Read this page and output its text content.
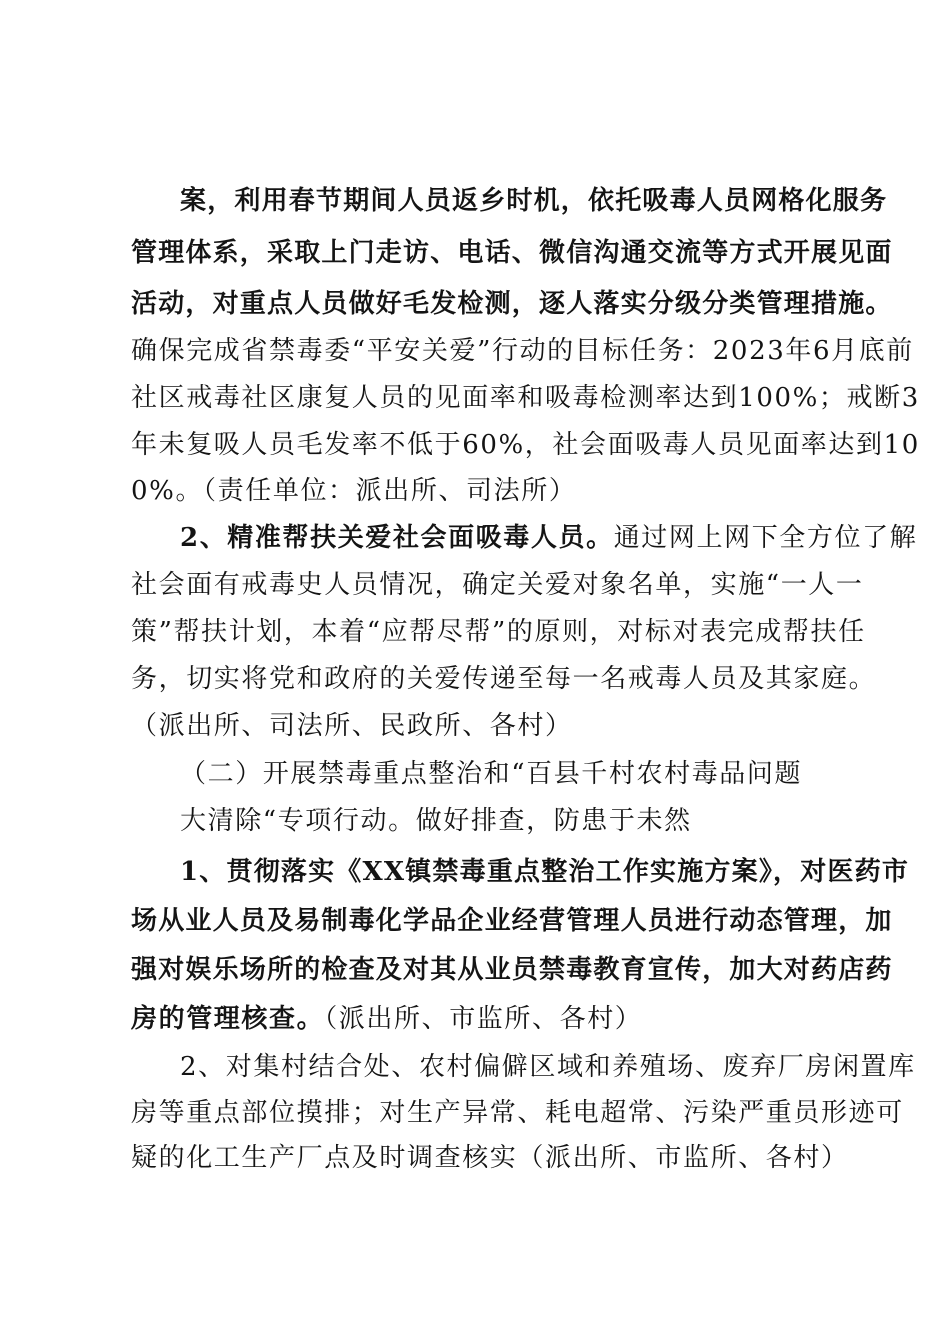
案，利用春节期间人员返乡时机，依托吸毒人员网格化服务
管理体系，采取上门走访、电话、微信沟通交流等方式开展见面
活动，对重点人员做好毛发检测，逐人落实分级分类管理措施。
确保完成省禁毒委“平安关爱”行动的目标任务：2023年6月底前
社区戒毒社区康复人员的见面率和吸毒检测率达到100%；戒断3
年未复吸人员毛发率不低于60%，社会面吸毒人员见面率达到10
0%。（责任单位：派出所、司法所）
2、精准帮扶关爱社会面吸毒人员。通过网上网下全方位了解
社会面有戒毒史人员情况，确定关爱对象名单，实施“一人一
策”帮扶计划，本着“应帮尽帮”的原则，对标对表完成帮扶任
务，切实将党和政府的关爱传递至每一名戒毒人员及其家庭。
（派出所、司法所、民政所、各村）
（二）开展禁毒重点整治和“百县千村农村毒品问题
大清除“专项行动。做好排查，防患于未然
1、贯彻落实《XX镇禁毒重点整治工作实施方案》，对医药市
场从业人员及易制毒化学品企业经营管理人员进行动态管理，加
强对娱乐场所的检查及对其从业员禁毒教育宣传，加大对药店药
房的管理核查。（派出所、市监所、各村）
2、对集村结合处、农村偏僻区域和养殖场、废弃厂房闲置库
房等重点部位摸排；对生产异常、耗电超常、污染严重员形迹可
疑的化工生产厂点及时调查核实（派出所、市监所、各村）
